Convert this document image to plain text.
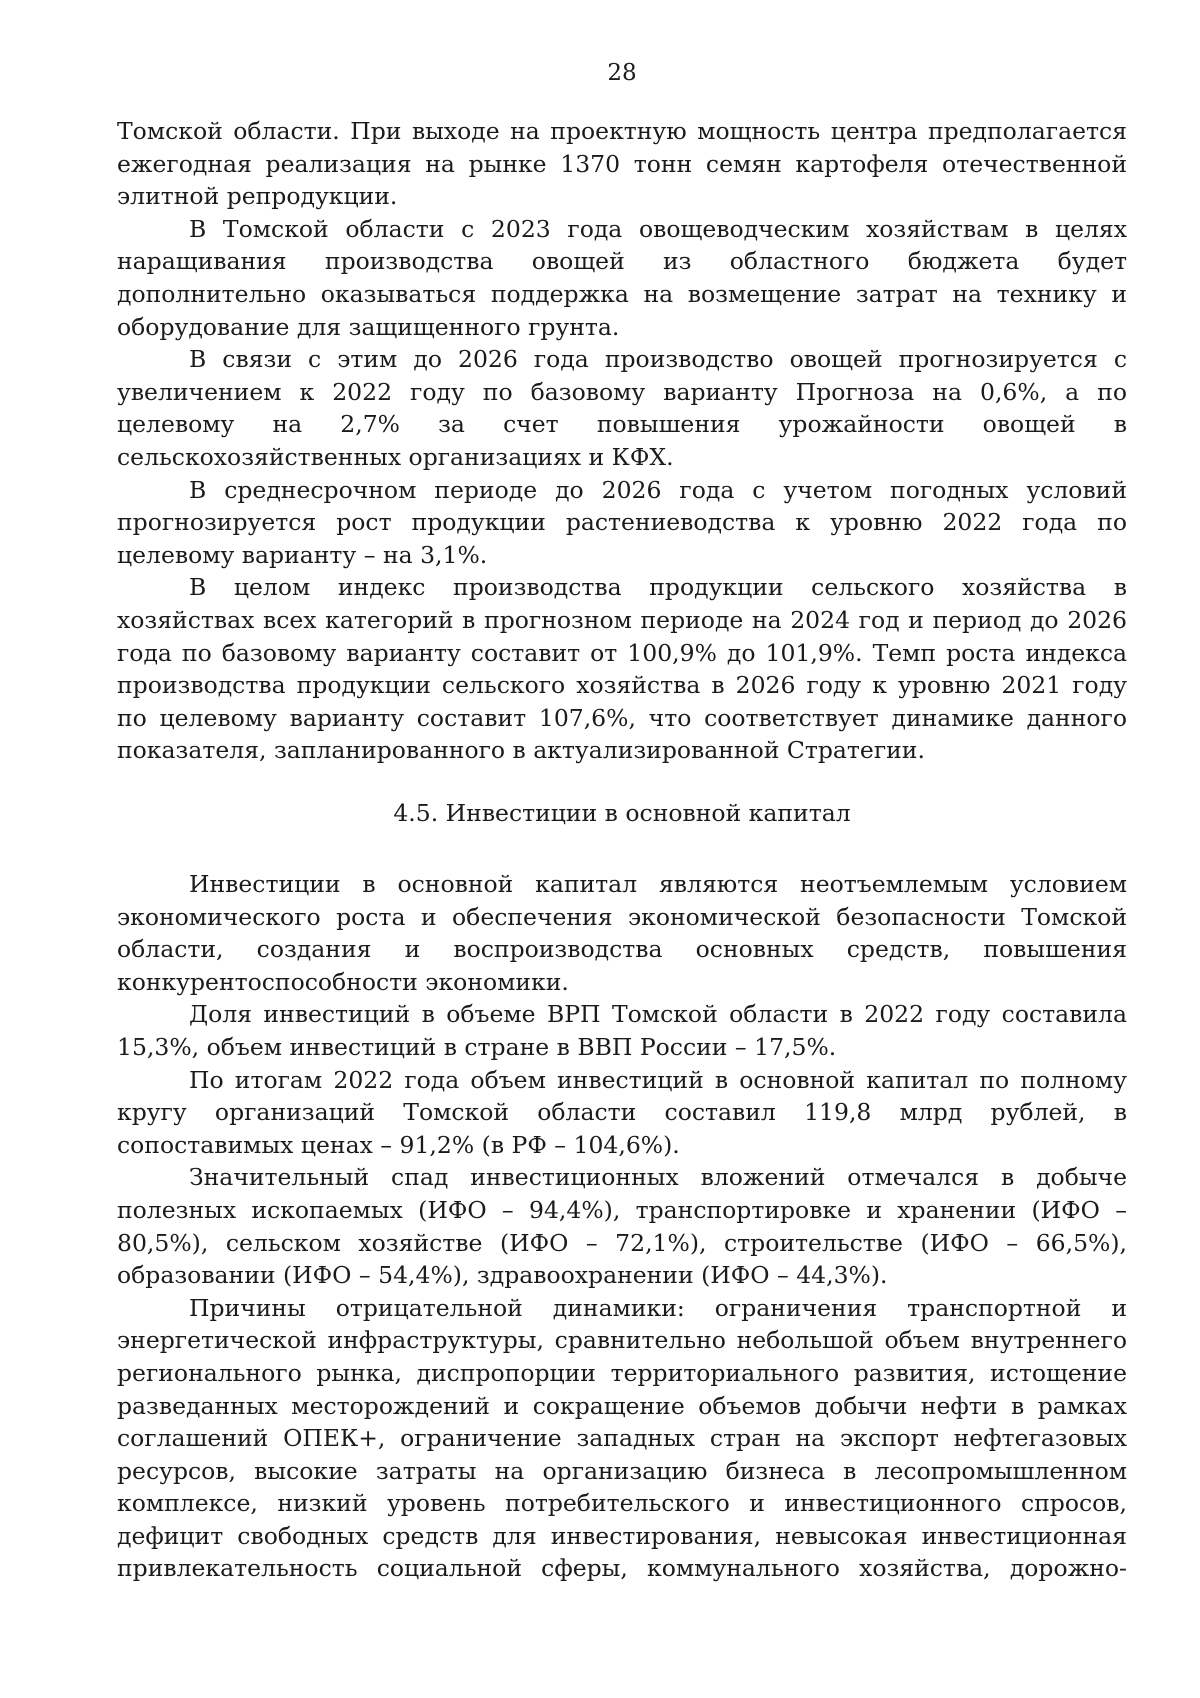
28

Томской области. При выходе на проектную мощность центра предполагается ежегодная реализация на рынке 1370 тонн семян картофеля отечественной элитной репродукции.

В Томской области с 2023 года овощеводческим хозяйствам в целях наращивания производства овощей из областного бюджета будет дополнительно оказываться поддержка на возмещение затрат на технику и оборудование для защищенного грунта.

В связи с этим до 2026 года производство овощей прогнозируется с увеличением к 2022 году по базовому варианту Прогноза на 0,6%, а по целевому на 2,7% за счет повышения урожайности овощей в сельскохозяйственных организациях и КФХ.

В среднесрочном периоде до 2026 года с учетом погодных условий прогнозируется рост продукции растениеводства к уровню 2022 года по целевому варианту – на 3,1%.

В целом индекс производства продукции сельского хозяйства в хозяйствах всех категорий в прогнозном периоде на 2024 год и период до 2026 года по базовому варианту составит от 100,9% до 101,9%. Темп роста индекса производства продукции сельского хозяйства в 2026 году к уровню 2021 году по целевому варианту составит 107,6%, что соответствует динамике данного показателя, запланированного в актуализированной Стратегии.

4.5. Инвестиции в основной капитал

Инвестиции в основной капитал являются неотъемлемым условием экономического роста и обеспечения экономической безопасности Томской области, создания и воспроизводства основных средств, повышения конкурентоспособности экономики.

Доля инвестиций в объеме ВРП Томской области в 2022 году составила 15,3%, объем инвестиций в стране в ВВП России – 17,5%.

По итогам 2022 года объем инвестиций в основной капитал по полному кругу организаций Томской области составил 119,8 млрд рублей, в сопоставимых ценах – 91,2% (в РФ – 104,6%).

Значительный спад инвестиционных вложений отмечался в добыче полезных ископаемых (ИФО – 94,4%), транспортировке и хранении (ИФО – 80,5%), сельском хозяйстве (ИФО – 72,1%), строительстве (ИФО – 66,5%), образовании (ИФО – 54,4%), здравоохранении (ИФО – 44,3%).

Причины отрицательной динамики: ограничения транспортной и энергетической инфраструктуры, сравнительно небольшой объем внутреннего регионального рынка, диспропорции территориального развития, истощение разведанных месторождений и сокращение объемов добычи нефти в рамках соглашений ОПЕК+, ограничение западных стран на экспорт нефтегазовых ресурсов, высокие затраты на организацию бизнеса в лесопромышленном комплексе, низкий уровень потребительского и инвестиционного спросов, дефицит свободных средств для инвестирования, невысокая инвестиционная привлекательность социальной сферы, коммунального хозяйства, дорожно-
